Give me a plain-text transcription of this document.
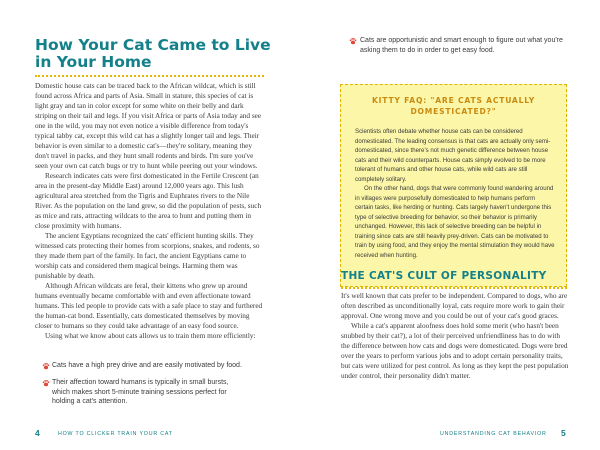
How Your Cat Came to Live in Your Home

Domestic house cats can be traced back to the African wildcat, which is still found across Africa and parts of Asia. Small in stature, this species of cat is light gray and tan in color except for some white on their belly and dark striping on their tail and legs. If you visit Africa or parts of Asia today and see one in the wild, you may not even notice a visible difference from today's typical tabby cat, except this wild cat has a slightly longer tail and legs. Their behavior is even similar to a domestic cat's—they're solitary, meaning they don't travel in packs, and they hunt small rodents and birds. I'm sure you've seen your own cat catch bugs or try to hunt while peering out your windows.

Research indicates cats were first domesticated in the Fertile Crescent (an area in the present-day Middle East) around 12,000 years ago. This lush agricultural area stretched from the Tigris and Euphrates rivers to the Nile River. As the population on the land grew, so did the population of pests, such as mice and rats, attracting wildcats to the area to hunt and putting them in close proximity with humans.

The ancient Egyptians recognized the cats' efficient hunting skills. They witnessed cats protecting their homes from scorpions, snakes, and rodents, so they made them part of the family. In fact, the ancient Egyptians came to worship cats and considered them magical beings. Harming them was punishable by death.

Although African wildcats are feral, their kittens who grew up around humans eventually became comfortable with and even affectionate toward humans. This led people to provide cats with a safe place to stay and furthered the human-cat bond. Essentially, cats domesticated themselves by moving closer to humans so they could take advantage of an easy food source.

Using what we know about cats allows us to train them more efficiently:

Cats have a high prey drive and are easily motivated by food.
Their affection toward humans is typically in small bursts, which makes short 5-minute training sessions perfect for holding a cat's attention.
4	HOW TO CLICKER TRAIN YOUR CAT
Cats are opportunistic and smart enough to figure out what you're asking them to do in order to get easy food.
KITTY FAQ: "ARE CATS ACTUALLY DOMESTICATED?"

Scientists often debate whether house cats can be considered domesticated. The leading consensus is that cats are actually only semi-domesticated, since there's not much genetic difference between house cats and their wild counterparts. House cats simply evolved to be more tolerant of humans and other house cats, while wild cats are still completely solitary.

On the other hand, dogs that were commonly found wandering around in villages were purposefully domesticated to help humans perform certain tasks, like herding or hunting. Cats largely haven't undergone this type of selective breeding for behavior, so their behavior is primarily unchanged. However, this lack of selective breeding can be helpful in training since cats are still heavily prey-driven. Cats can be motivated to train by using food, and they enjoy the mental stimulation they would have received when hunting.

THE CAT'S CULT OF PERSONALITY

It's well known that cats prefer to be independent. Compared to dogs, who are often described as unconditionally loyal, cats require more work to gain their approval. One wrong move and you could be out of your cat's good graces.

While a cat's apparent aloofness does hold some merit (who hasn't been snubbed by their cat?), a lot of their perceived unfriendliness has to do with the difference between how cats and dogs were domesticated. Dogs were bred over the years to perform various jobs and to adopt certain personality traits, but cats were utilized for pest control. As long as they kept the pest population under control, their personality didn't matter.

UNDERSTANDING CAT BEHAVIOR 5
